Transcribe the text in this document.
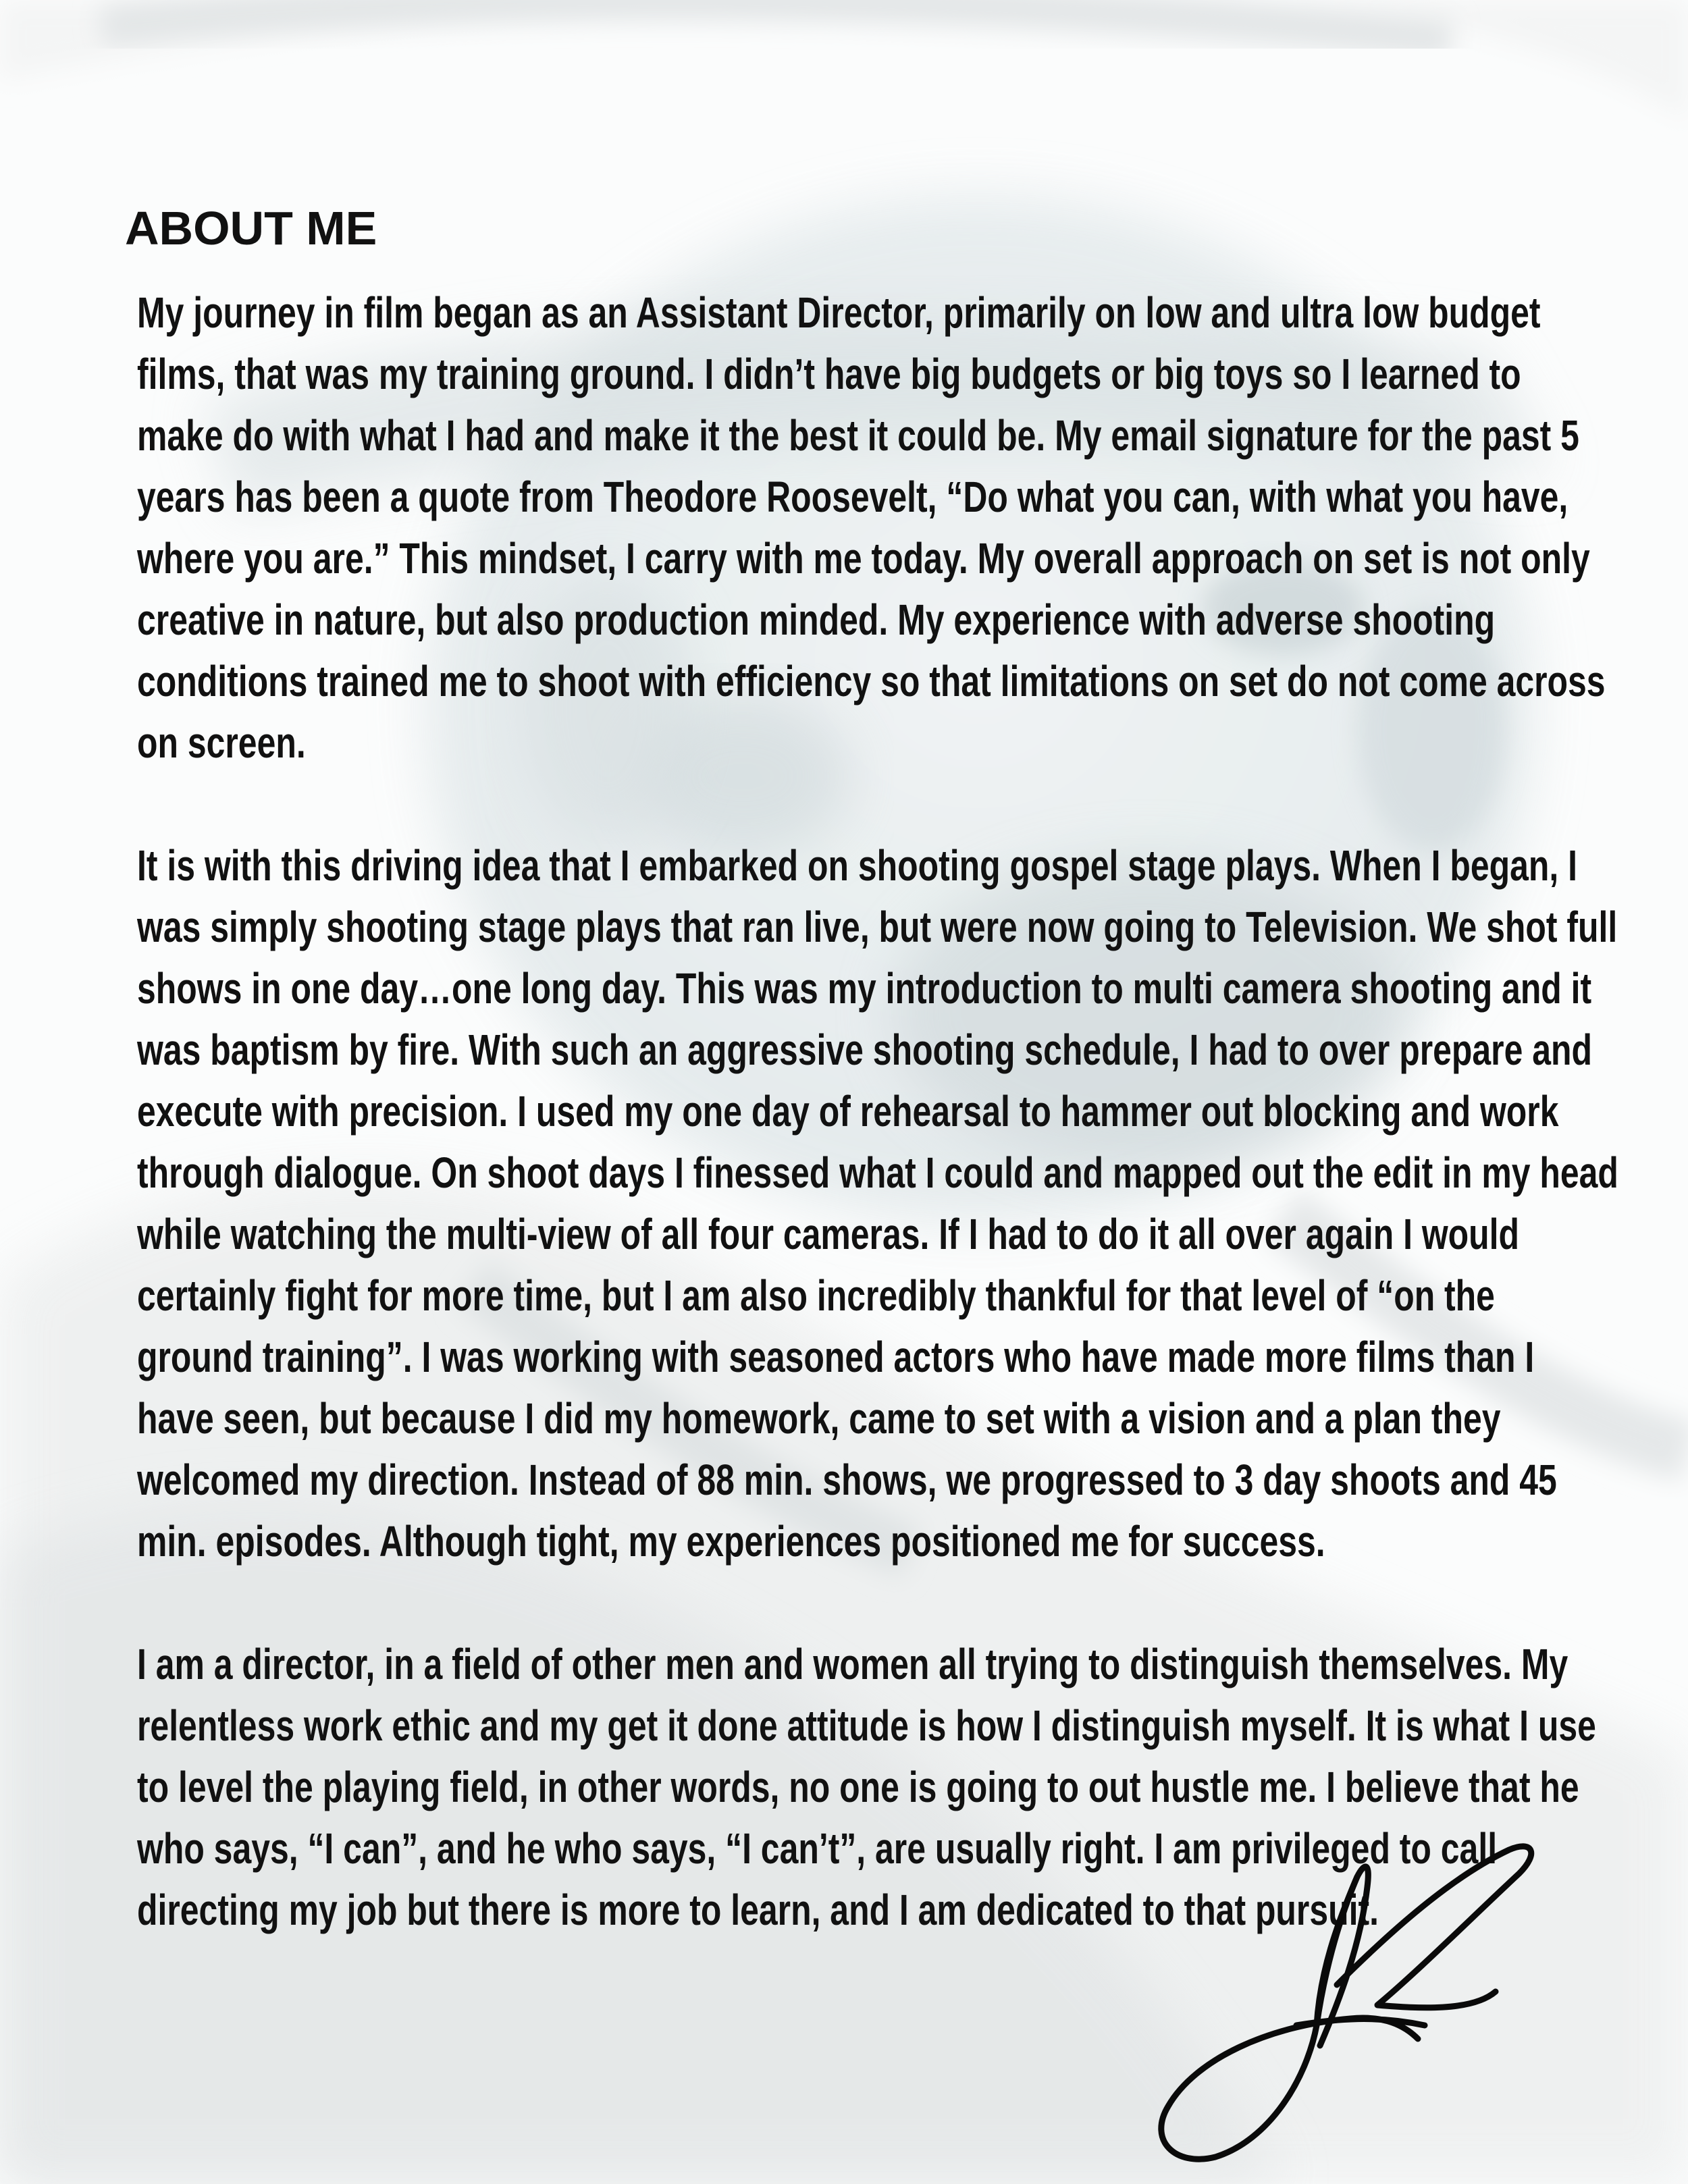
ABOUT ME
My journey in film began as an Assistant Director, primarily on low and ultra low budget
films, that was my training ground. I didn’t have big budgets or big toys so I learned to
make do with what I had and make it the best it could be. My email signature for the past 5
years has been a quote from Theodore Roosevelt, “Do what you can, with what you have,
where you are.” This mindset, I carry with me today. My overall approach on set is not only
creative in nature, but also production minded. My experience with adverse shooting
conditions trained me to shoot with efficiency so that limitations on set do not come across
on screen.
It is with this driving idea that I embarked on shooting gospel stage plays. When I began, I
was simply shooting stage plays that ran live, but were now going to Television. We shot full
shows in one day…one long day. This was my introduction to multi camera shooting and it
was baptism by fire. With such an aggressive shooting schedule, I had to over prepare and
execute with precision. I used my one day of rehearsal to hammer out blocking and work
through dialogue. On shoot days I finessed what I could and mapped out the edit in my head
while watching the multi-view of all four cameras. If I had to do it all over again I would
certainly fight for more time, but I am also incredibly thankful for that level of “on the
ground training”. I was working with seasoned actors who have made more films than I
have seen, but because I did my homework, came to set with a vision and a plan they
welcomed my direction. Instead of 88 min. shows, we progressed to 3 day shoots and 45
min. episodes. Although tight, my experiences positioned me for success.
I am a director, in a field of other men and women all trying to distinguish themselves. My
relentless work ethic and my get it done attitude is how I distinguish myself. It is what I use
to level the playing field, in other words, no one is going to out hustle me. I believe that he
who says, “I can”, and he who says, “I can’t”, are usually right. I am privileged to call
directing my job but there is more to learn, and I am dedicated to that pursuit.
